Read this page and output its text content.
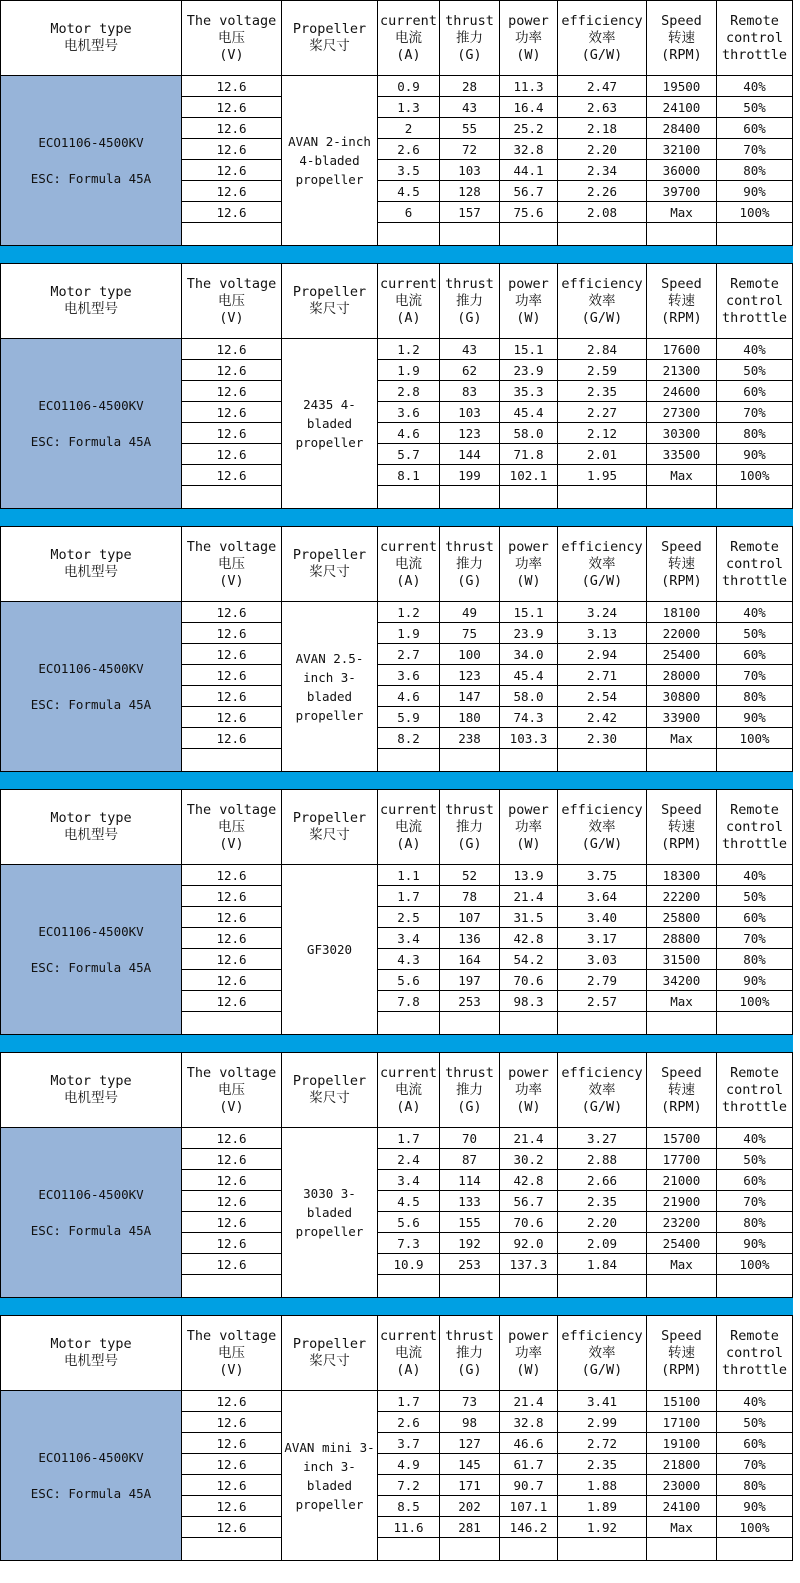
Motor type
电机型号	The voltage
电压
(V)	Propeller
桨尺寸	current
电流
(A)	thrust
推力
(G)	power
功率
(W)	efficiency
效率
(G/W)	Speed
转速
(RPM)	Remote
control
throttle

ECO1106-4500KV
ESC: Formula 45A	12.6	AVAN 2-inch 4-bladed propeller	0.9	28	11.3	2.47	19500	40%
	12.6		1.3	43	16.4	2.63	24100	50%
	12.6		2	55	25.2	2.18	28400	60%
	12.6		2.6	72	32.8	2.20	32100	70%
	12.6		3.5	103	44.1	2.34	36000	80%
	12.6		4.5	128	56.7	2.26	39700	90%
	12.6		6	157	75.6	2.08	Max	100%

Motor type
电机型号	The voltage
电压
(V)	Propeller
桨尺寸	current
电流
(A)	thrust
推力
(G)	power
功率
(W)	efficiency
效率
(G/W)	Speed
转速
(RPM)	Remote
control
throttle

ECO1106-4500KV
ESC: Formula 45A	12.6	2435 4-bladed propeller	1.2	43	15.1	2.84	17600	40%
	12.6		1.9	62	23.9	2.59	21300	50%
	12.6		2.8	83	35.3	2.35	24600	60%
	12.6		3.6	103	45.4	2.27	27300	70%
	12.6		4.6	123	58.0	2.12	30300	80%
	12.6		5.7	144	71.8	2.01	33500	90%
	12.6		8.1	199	102.1	1.95	Max	100%

Motor type
电机型号	The voltage
电压
(V)	Propeller
桨尺寸	current
电流
(A)	thrust
推力
(G)	power
功率
(W)	efficiency
效率
(G/W)	Speed
转速
(RPM)	Remote
control
throttle

ECO1106-4500KV
ESC: Formula 45A	12.6	AVAN 2.5-inch 3-bladed propeller	1.2	49	15.1	3.24	18100	40%
	12.6		1.9	75	23.9	3.13	22000	50%
	12.6		2.7	100	34.0	2.94	25400	60%
	12.6		3.6	123	45.4	2.71	28000	70%
	12.6		4.6	147	58.0	2.54	30800	80%
	12.6		5.9	180	74.3	2.42	33900	90%
	12.6		8.2	238	103.3	2.30	Max	100%

Motor type
电机型号	The voltage
电压
(V)	Propeller
桨尺寸	current
电流
(A)	thrust
推力
(G)	power
功率
(W)	efficiency
效率
(G/W)	Speed
转速
(RPM)	Remote
control
throttle

ECO1106-4500KV
ESC: Formula 45A	12.6	GF3020	1.1	52	13.9	3.75	18300	40%
	12.6		1.7	78	21.4	3.64	22200	50%
	12.6		2.5	107	31.5	3.40	25800	60%
	12.6		3.4	136	42.8	3.17	28800	70%
	12.6		4.3	164	54.2	3.03	31500	80%
	12.6		5.6	197	70.6	2.79	34200	90%
	12.6		7.8	253	98.3	2.57	Max	100%

Motor type
电机型号	The voltage
电压
(V)	Propeller
桨尺寸	current
电流
(A)	thrust
推力
(G)	power
功率
(W)	efficiency
效率
(G/W)	Speed
转速
(RPM)	Remote
control
throttle

ECO1106-4500KV
ESC: Formula 45A	12.6	3030 3-bladed propeller	1.7	70	21.4	3.27	15700	40%
	12.6		2.4	87	30.2	2.88	17700	50%
	12.6		3.4	114	42.8	2.66	21000	60%
	12.6		4.5	133	56.7	2.35	21900	70%
	12.6		5.6	155	70.6	2.20	23200	80%
	12.6		7.3	192	92.0	2.09	25400	90%
	12.6		10.9	253	137.3	1.84	Max	100%

Motor type
电机型号	The voltage
电压
(V)	Propeller
桨尺寸	current
电流
(A)	thrust
推力
(G)	power
功率
(W)	efficiency
效率
(G/W)	Speed
转速
(RPM)	Remote
control
throttle

ECO1106-4500KV
ESC: Formula 45A	12.6	AVAN mini 3-inch 3-bladed propeller	1.7	73	21.4	3.41	15100	40%
	12.6		2.6	98	32.8	2.99	17100	50%
	12.6		3.7	127	46.6	2.72	19100	60%
	12.6		4.9	145	61.7	2.35	21800	70%
	12.6		7.2	171	90.7	1.88	23000	80%
	12.6		8.5	202	107.1	1.89	24100	90%
	12.6		11.6	281	146.2	1.92	Max	100%
